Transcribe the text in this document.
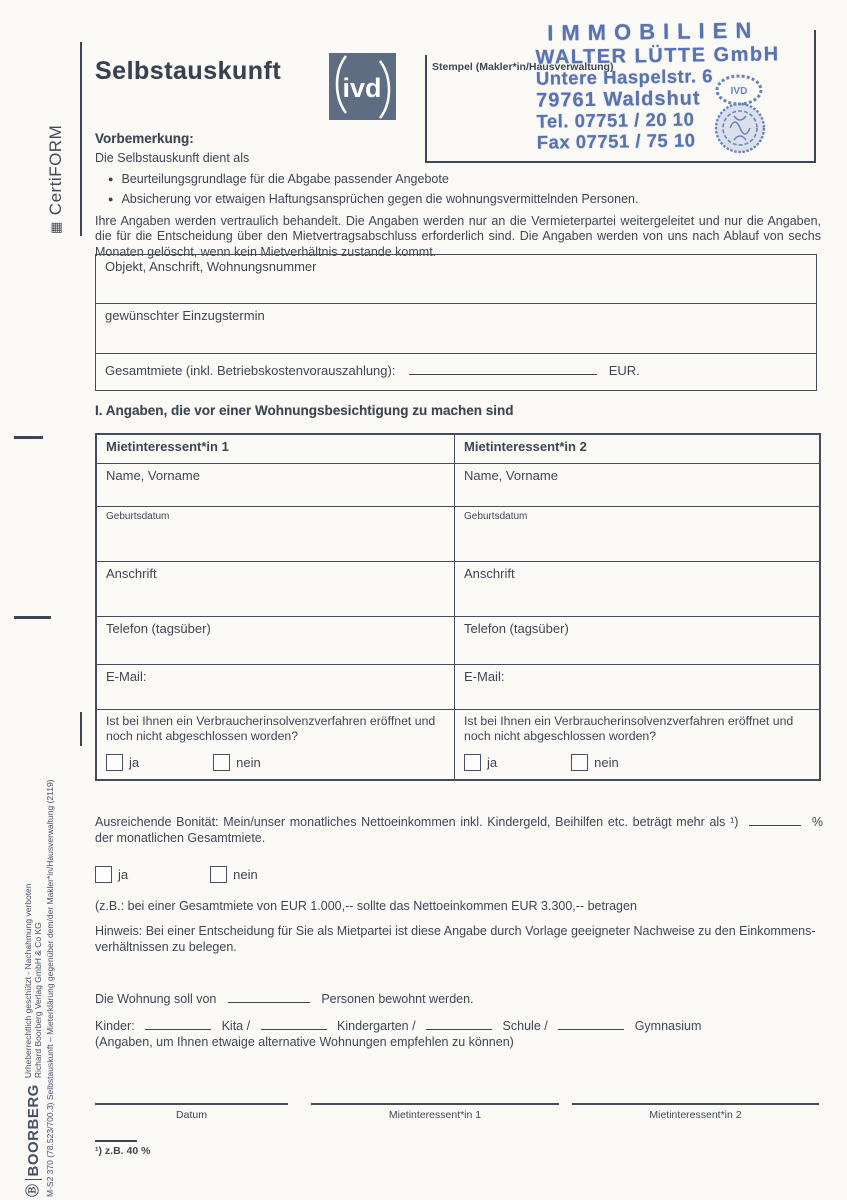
▦
CertiFORM
Ⓑ
BOORBERG
Urheberrechtlich geschützt - Nachahmung verboten Richard Boorberg Verlag GmbH & Co KG M-S2 370 (78.523/700.3) Selbstauskunft – Mieterklärung gegenüber dem/der Makler*in/Hausverwaltung (2119)
Selbstauskunft
ivd
Stempel (Makler*in/Hausverwaltung)
IMMOBILIEN
WALTER LÜTTE GmbH
Untere Haspelstr. 6
79761 Waldshut
Tel. 07751 / 20 10
Fax 07751 / 75 10
IVD
Vorbemerkung:
Die Selbstauskunft dient als
● Beurteilungsgrundlage für die Abgabe passender Angebote
● Absicherung vor etwaigen Haftungsansprüchen gegen die wohnungsvermittelnden Personen.
Ihre Angaben werden vertraulich behandelt. Die Angaben werden nur an die Vermieterpartei weitergeleitet und nur die Angaben, die für die Entscheidung über den Mietvertragsabschluss erforderlich sind. Die Angaben werden von uns nach Ablauf von sechs Monaten gelöscht, wenn kein Mietverhältnis zustande kommt.
Objekt, Anschrift, Wohnungsnummer
gewünschter Einzugstermin
Gesamtmiete (inkl. Betriebskostenvorauszahlung):	EUR.
I. Angaben, die vor einer Wohnungsbesichtigung zu machen sind
Mietinteressent*in 1	Mietinteressent*in 2
Name, Vorname	Name, Vorname
Geburtsdatum	Geburtsdatum
Anschrift	Anschrift
Telefon (tagsüber)	Telefon (tagsüber)
E-Mail:	E-Mail:
Ist bei Ihnen ein Verbraucherinsolvenzverfahren eröffnet und noch nicht abgeschlossen worden?
ja	nein
Ist bei Ihnen ein Verbraucherinsolvenzverfahren eröffnet und noch nicht abgeschlossen worden?
ja	nein
Ausreichende Bonität: Mein/unser monatliches Nettoeinkommen inkl. Kindergeld, Beihilfen etc. beträgt mehr als ¹)	% der monatlichen Gesamtmiete.
ja	nein
(z.B.: bei einer Gesamtmiete von EUR 1.000,-- sollte das Nettoeinkommen EUR 3.300,-- betragen
Hinweis: Bei einer Entscheidung für Sie als Mietpartei ist diese Angabe durch Vorlage geeigneter Nachweise zu den Einkommens-verhältnissen zu belegen.
Die Wohnung soll von	Personen bewohnt werden.
Kinder:	Kita /	Kindergarten /	Schule /	Gymnasium
(Angaben, um Ihnen etwaige alternative Wohnungen empfehlen zu können)
Datum	Mietinteressent*in 1	Mietinteressent*in 2
¹) z.B. 40 %
